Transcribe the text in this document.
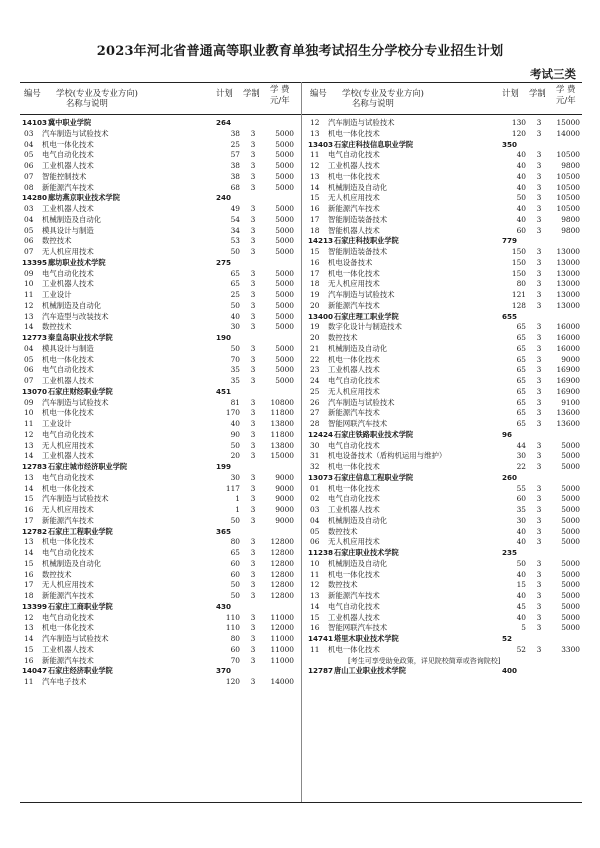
2023年河北省普通高等职业教育单独考试招生分学校分专业招生计划
考试三类
编号 学校(专业及专业方向)
名称与说明
计划 学制 学 费
元/年
14103 冀中职业学院	264
03 汽车制造与试验技术	38	3	5000
04 机电一体化技术	25	3	5000
05 电气自动化技术	57	3	5000
06 工业机器人技术	38	3	5000
07 智能控制技术	38	3	5000
08 新能源汽车技术	68	3	5000
14280 廊坊燕京职业技术学院	240
03 工业机器人技术	49	3	5000
04 机械制造及自动化	54	3	5000
05 模具设计与制造	34	3	5000
06 数控技术	53	3	5000
07 无人机应用技术	50	3	5000
13395 廊坊职业技术学院	275
09 电气自动化技术	65	3	5000
10 工业机器人技术	65	3	5000
11 工业设计	25	3	5000
12 机械制造及自动化	50	3	5000
13 汽车造型与改装技术	40	3	5000
14 数控技术	30	3	5000
12773 秦皇岛职业技术学院	190
04 模具设计与制造	50	3	5000
05 机电一体化技术	70	3	5000
06 电气自动化技术	35	3	5000
07 工业机器人技术	35	3	5000
13070 石家庄财经职业学院	451
09 汽车制造与试验技术	81	3	10800
10 机电一体化技术	170	3	11800
11 工业设计	40	3	13800
12 电气自动化技术	90	3	11800
13 无人机应用技术	50	3	13800
14 工业机器人技术	20	3	15000
12783 石家庄城市经济职业学院	199
13 电气自动化技术	30	3	9000
14 机电一体化技术	117	3	9000
15 汽车制造与试验技术	1	3	9000
16 无人机应用技术	1	3	9000
17 新能源汽车技术	50	3	9000
12782 石家庄工程职业学院	365
13 机电一体化技术	80	3	12800
14 电气自动化技术	65	3	12800
15 机械制造及自动化	60	3	12800
16 数控技术	60	3	12800
17 无人机应用技术	50	3	12800
18 新能源汽车技术	50	3	12800
13399 石家庄工商职业学院	430
12 电气自动化技术	110	3	11000
13 机电一体化技术	110	3	12000
14 汽车制造与试验技术	80	3	11000
15 工业机器人技术	60	3	11000
16 新能源汽车技术	70	3	11000
14047 石家庄经济职业学院	370
11 汽车电子技术	120	3	14000
编号 学校(专业及专业方向)
名称与说明
计划 学制 学 费
元/年
12 汽车制造与试验技术	130	3	15000
13 机电一体化技术	120	3	14000
13403 石家庄科技信息职业学院	350
11 电气自动化技术	40	3	10500
12 工业机器人技术	40	3	9800
13 机电一体化技术	40	3	10500
14 机械制造及自动化	40	3	10500
15 无人机应用技术	50	3	10500
16 新能源汽车技术	40	3	10500
17 智能制造装备技术	40	3	9800
18 智能机器人技术	60	3	9800
14213 石家庄科技职业学院	779
15 智能制造装备技术	150	3	13000
16 机电设备技术	150	3	13000
17 机电一体化技术	150	3	13000
18 无人机应用技术	80	3	13000
19 汽车制造与试验技术	121	3	13000
20 新能源汽车技术	128	3	13000
13400 石家庄理工职业学院	655
19 数字化设计与制造技术	65	3	16000
20 数控技术	65	3	16000
21 机械制造及自动化	65	3	16000
22 机电一体化技术	65	3	9000
23 工业机器人技术	65	3	16900
24 电气自动化技术	65	3	16900
25 无人机应用技术	65	3	16900
26 汽车制造与试验技术	65	3	9100
27 新能源汽车技术	65	3	13600
28 智能网联汽车技术	65	3	13600
12424 石家庄铁路职业技术学院	96
30 电气自动化技术	44	3	5000
31 机电设备技术（盾构机运用与维护）	30	3	5000
32 机电一体化技术	22	3	5000
13073 石家庄信息工程职业学院	260
01 机电一体化技术	55	3	5000
02 电气自动化技术	60	3	5000
03 工业机器人技术	35	3	5000
04 机械制造及自动化	30	3	5000
05 数控技术	40	3	5000
06 无人机应用技术	40	3	5000
11238 石家庄职业技术学院	235
10 机械制造及自动化	50	3	5000
11 机电一体化技术	40	3	5000
12 数控技术	15	3	5000
13 新能源汽车技术	40	3	5000
14 电气自动化技术	45	3	5000
15 工业机器人技术	40	3	5000
16 智能网联汽车技术	5	3	5000
14741 塔里木职业技术学院	52
11 机电一体化技术	52	3	3300
[考生可享受助免政策，详见院校简章或咨询院校]
12787 唐山工业职业技术学院	400
